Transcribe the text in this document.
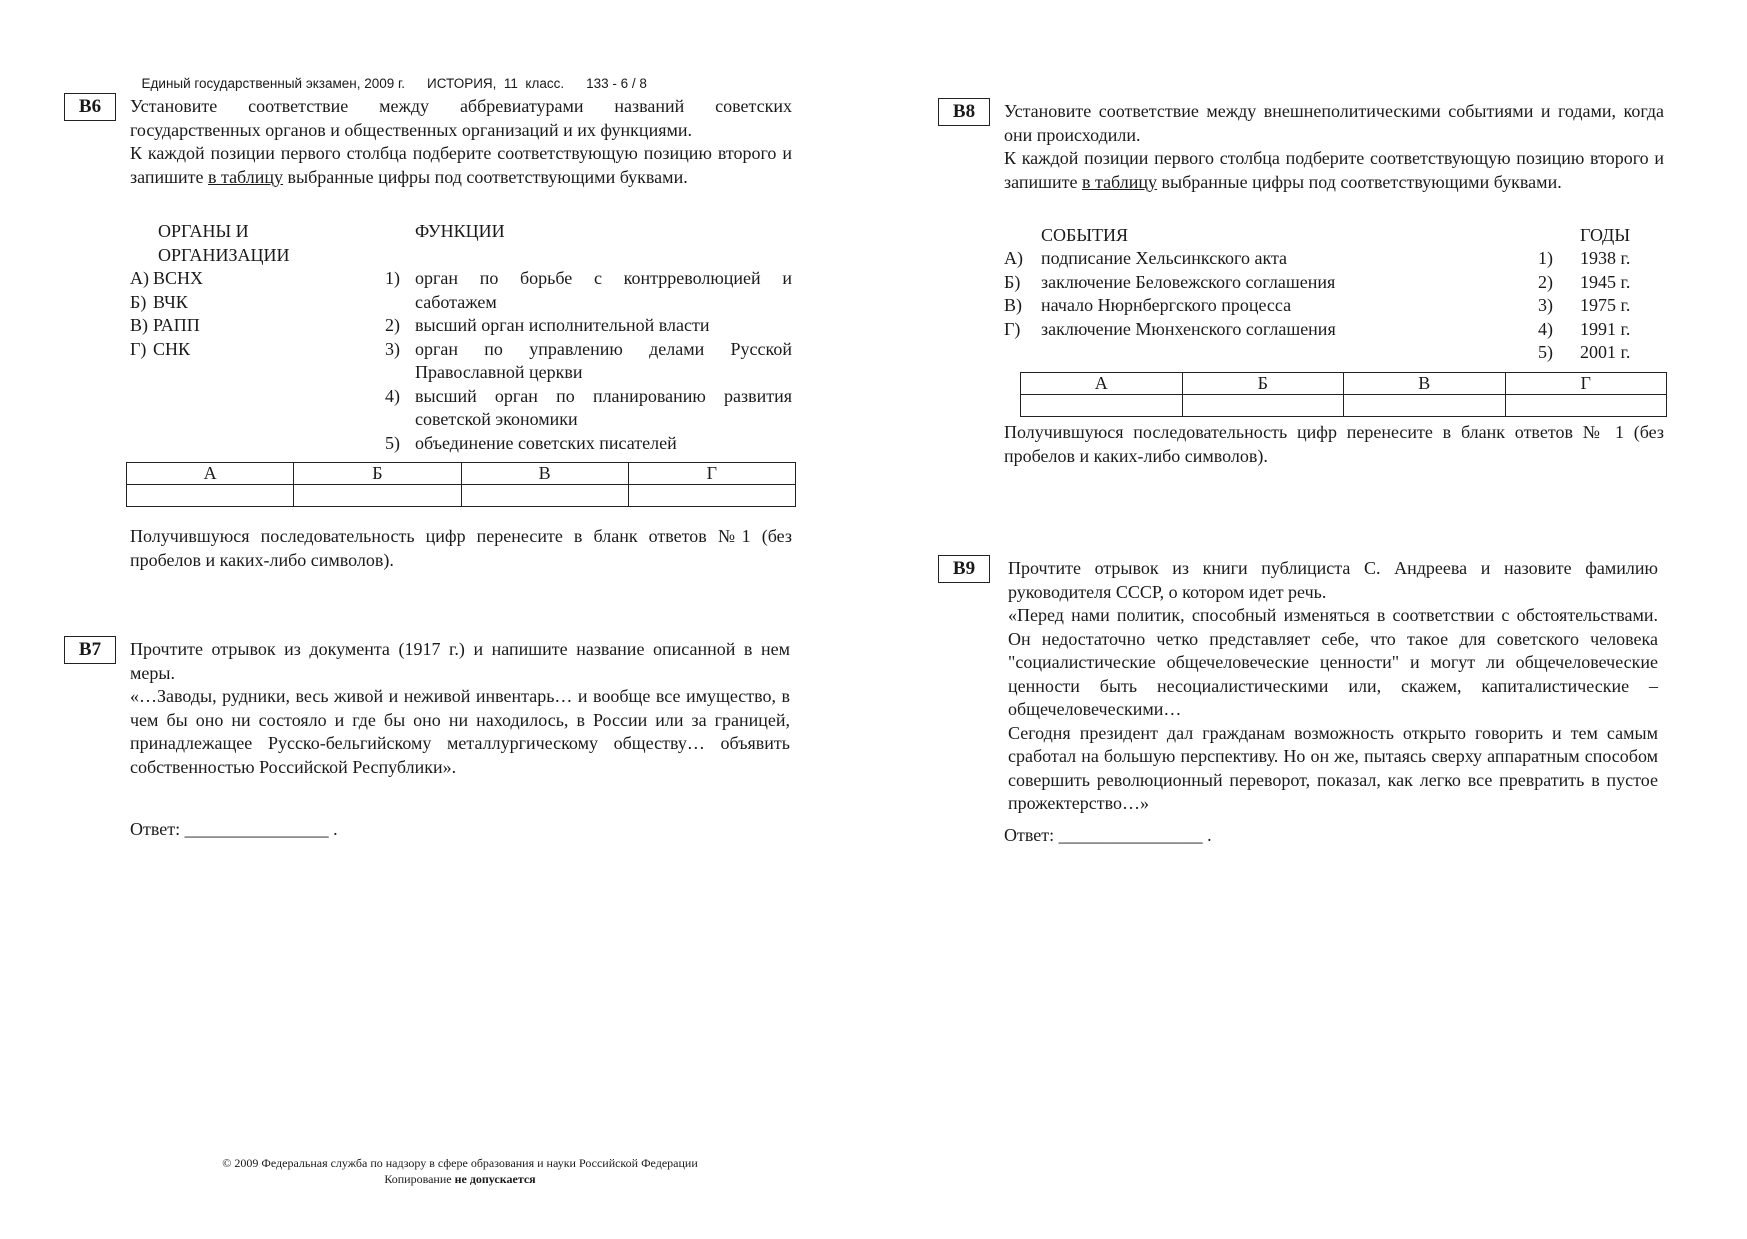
Единый государственный экзамен, 2009 г. ИСТОРИЯ,  11  класс. 133 - 6 / 8

В6	Установите соответствие между аббревиатурами названий советских государственных органов и общественных организаций и их функциями.

К каждой позиции первого столбца подберите соответствующую позицию второго и запишите в таблицу выбранные цифры под соответствующими буквами.

ОРГАНЫ И ОРГАНИЗАЦИИ
ФУНКЦИИ
А) ВСНХ
Б) ВЧК
В) РАПП
Г) СНК
1) орган по борьбе с контрреволюцией и саботажем
2) высший орган исполнительной власти
3) орган по управлению делами Русской Православной церкви
4) высший орган по планированию развития советской экономики
5) объединение советских писателей
А	Б	В	Г

Получившуюся последовательность цифр перенесите в бланк ответов №1 (без пробелов и каких-либо символов).
В7	Прочтите отрывок из документа (1917 г.) и напишите название описанной в нем меры.

«…Заводы, рудники, весь живой и неживой инвентарь… и вообще все имущество, в чем бы оно ни состояло и где бы оно ни находилось, в России или за границей, принадлежащее Русско-бельгийскому металлургическому обществу… объявить собственностью Российской Республики».

Ответ: ________________ .
В8	Установите соответствие между внешнеполитическими событиями и годами, когда они происходили.

К каждой позиции первого столбца подберите соответствующую позицию второго и запишите в таблицу выбранные цифры под соответствующими буквами.

СОБЫТИЯ	ГОДЫ
А)	подписание Хельсинкского акта
Б)	заключение Беловежского соглашения
В)	начало Нюрнбергского процесса
Г)	заключение Мюнхенского соглашения
1)	1938 г.
2)	1945 г.
3)	1975 г.
4)	1991 г.
5)	2001 г.
А	Б	В	Г

Получившуюся последовательность цифр перенесите в бланк ответов № 1 (без пробелов и каких-либо символов).
В9	Прочтите отрывок из книги публициста С. Андреева и назовите фамилию руководителя СССР, о котором идет речь.

«Перед нами политик, способный изменяться в соответствии с обстоятельствами. Он недостаточно четко представляет себе, что такое для советского человека "социалистические общечеловеческие ценности" и могут ли общечеловеческие ценности быть несоциалистическими или, скажем, капиталистические – общечеловеческими…

Сегодня президент дал гражданам возможность открыто говорить и тем самым сработал на большую перспективу. Но он же, пытаясь сверху аппаратным способом совершить революционный переворот, показал, как легко все превратить в пустое прожектерство…»

Ответ: ________________ .
© 2009 Федеральная служба по надзору в сфере образования и науки Российской Федерации
Копирование не допускается
